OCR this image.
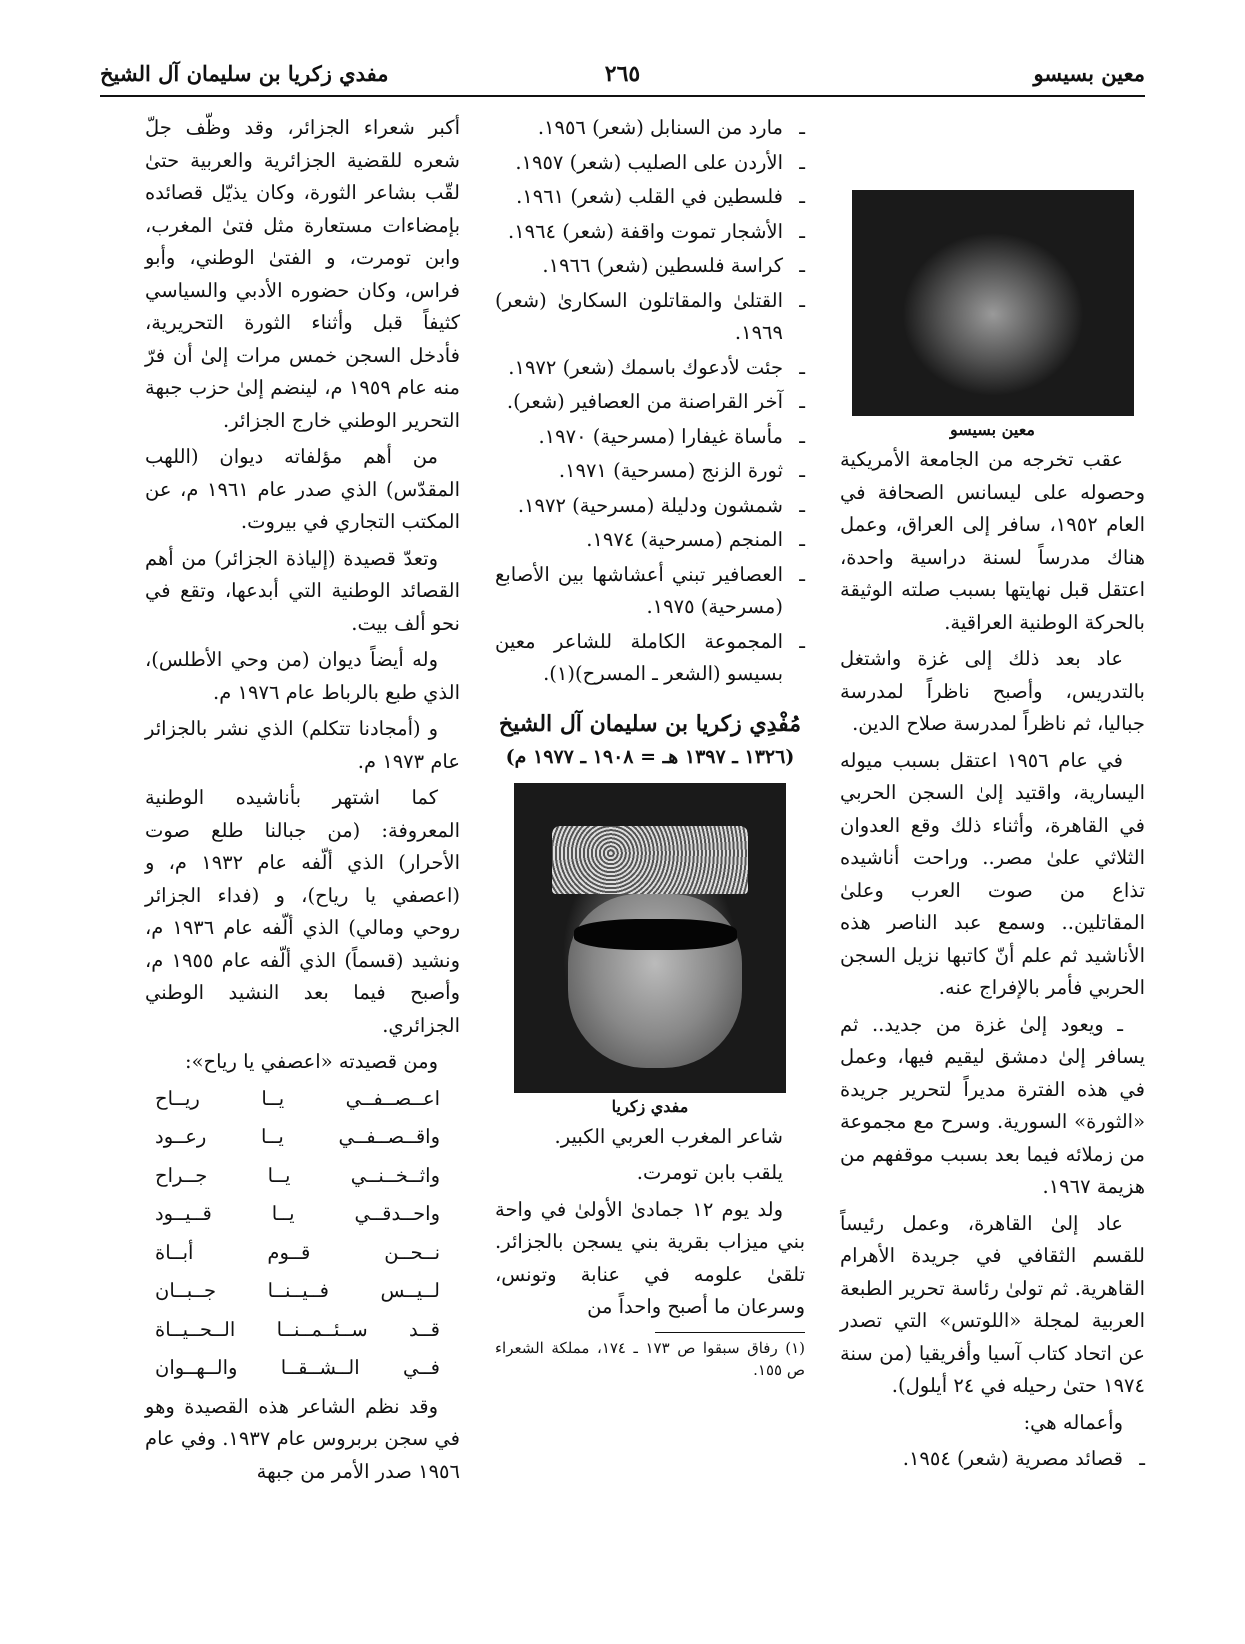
معين بسيسو
٢٦٥
مفدي زكريا بن سليمان آل الشيخ
معين بسيسو

عقب تخرجه من الجامعة الأمريكية وحصوله على ليسانس الصحافة في العام ١٩٥٢، سافر إلى العراق، وعمل هناك مدرساً لسنة دراسية واحدة، اعتقل قبل نهايتها بسبب صلته الوثيقة بالحركة الوطنية العراقية.

عاد بعد ذلك إلى غزة واشتغل بالتدريس، وأصبح ناظراً لمدرسة جباليا، ثم ناظراً لمدرسة صلاح الدين.

في عام ١٩٥٦ اعتقل بسبب ميوله اليسارية، واقتيد إلىٰ السجن الحربي في القاهرة، وأثناء ذلك وقع العدوان الثلاثي علىٰ مصر.. وراحت أناشيده تذاع من صوت العرب وعلىٰ المقاتلين.. وسمع عبد الناصر هذه الأناشيد ثم علم أنّ كاتبها نزيل السجن الحربي فأمر بالإفراج عنه.

ـ ويعود إلىٰ غزة من جديد.. ثم يسافر إلىٰ دمشق ليقيم فيها، وعمل في هذه الفترة مديراً لتحرير جريدة «الثورة» السورية. وسرح مع مجموعة من زملائه فيما بعد بسبب موقفهم من هزيمة ١٩٦٧.

عاد إلىٰ القاهرة، وعمل رئيساً للقسم الثقافي في جريدة الأهرام القاهرية. ثم تولىٰ رئاسة تحرير الطبعة العربية لمجلة «اللوتس» التي تصدر عن اتحاد كتاب آسيا وأفريقيا (من سنة ١٩٧٤ حتىٰ رحيله في ٢٤ أيلول).

وأعماله هي:

ـ قصائد مصرية (شعر) ١٩٥٤.
ـ مارد من السنابل (شعر) ١٩٥٦.
ـ الأردن على الصليب (شعر) ١٩٥٧.
ـ فلسطين في القلب (شعر) ١٩٦١.
ـ الأشجار تموت واقفة (شعر) ١٩٦٤.
ـ كراسة فلسطين (شعر) ١٩٦٦.
ـ القتلىٰ والمقاتلون السكارىٰ (شعر) ١٩٦٩.
ـ جئت لأدعوك باسمك (شعر) ١٩٧٢.
ـ آخر القراصنة من العصافير (شعر).
ـ مأساة غيفارا (مسرحية) ١٩٧٠.
ـ ثورة الزنج (مسرحية) ١٩٧١.
ـ شمشون ودليلة (مسرحية) ١٩٧٢.
ـ المنجم (مسرحية) ١٩٧٤.
ـ العصافير تبني أعشاشها بين الأصابع (مسرحية) ١٩٧٥.
ـ المجموعة الكاملة للشاعر معين بسيسو (الشعر ـ المسرح)(١).
مُفْدِي زكريا بن سليمان آل الشيخ
(١٣٢٦ ـ ١٣٩٧ هـ = ١٩٠٨ ـ ١٩٧٧ م)
مفدي زكريا

شاعر المغرب العربي الكبير.

يلقب بابن تومرت.

ولد يوم ١٢ جمادىٰ الأولىٰ في واحة بني ميزاب بقرية بني يسجن بالجزائر. تلقىٰ علومه في عنابة وتونس، وسرعان ما أصبح واحداً من

(١) رفاق سبقوا ص ١٧٣ ـ ١٧٤، مملكة الشعراء ص ١٥٥.

أكبر شعراء الجزائر، وقد وظّف جلّ شعره للقضية الجزائرية والعربية حتىٰ لقّب بشاعر الثورة، وكان يذيّل قصائده بإمضاءات مستعارة مثل فتىٰ المغرب، وابن تومرت، و الفتىٰ الوطني، وأبو فراس، وكان حضوره الأدبي والسياسي كثيفاً قبل وأثناء الثورة التحريرية، فأدخل السجن خمس مرات إلىٰ أن فرّ منه عام ١٩٥٩ م، لينضم إلىٰ حزب جبهة التحرير الوطني خارج الجزائر.

من أهم مؤلفاته ديوان (اللهب المقدّس) الذي صدر عام ١٩٦١ م، عن المكتب التجاري في بيروت.

وتعدّ قصيدة (إلياذة الجزائر) من أهم القصائد الوطنية التي أبدعها، وتقع في نحو ألف بيت.

وله أيضاً ديوان (من وحي الأطلس)، الذي طبع بالرباط عام ١٩٧٦ م.

و (أمجادنا تتكلم) الذي نشر بالجزائر عام ١٩٧٣ م.

كما اشتهر بأناشيده الوطنية المعروفة: (من جبالنا طلع صوت الأحرار) الذي ألّفه عام ١٩٣٢ م، و (اعصفي يا رياح)، و (فداء الجزائر روحي ومالي) الذي ألّفه عام ١٩٣٦ م، ونشيد (قسماً) الذي ألّفه عام ١٩٥٥ م، وأصبح فيما بعد النشيد الوطني الجزائري.

ومن قصيدته «اعصفي يا رياح»:

اعــصــفــي
يــا
ريــاح
واقــصــفــي
يــا
رعــود
واثــخــنــي
يــا
جــراح
واحــدقــي
يــا
قــيــود
نــحــن
قــوم
أبــاة
لــيــس
فــيــنــا
جــبــان
قــد
ســئــمــنــا
الــحــيــاة
فــي
الــشــقــا
والــهــوان

وقد نظم الشاعر هذه القصيدة وهو في سجن بربروس عام ١٩٣٧. وفي عام ١٩٥٦ صدر الأمر من جبهة
